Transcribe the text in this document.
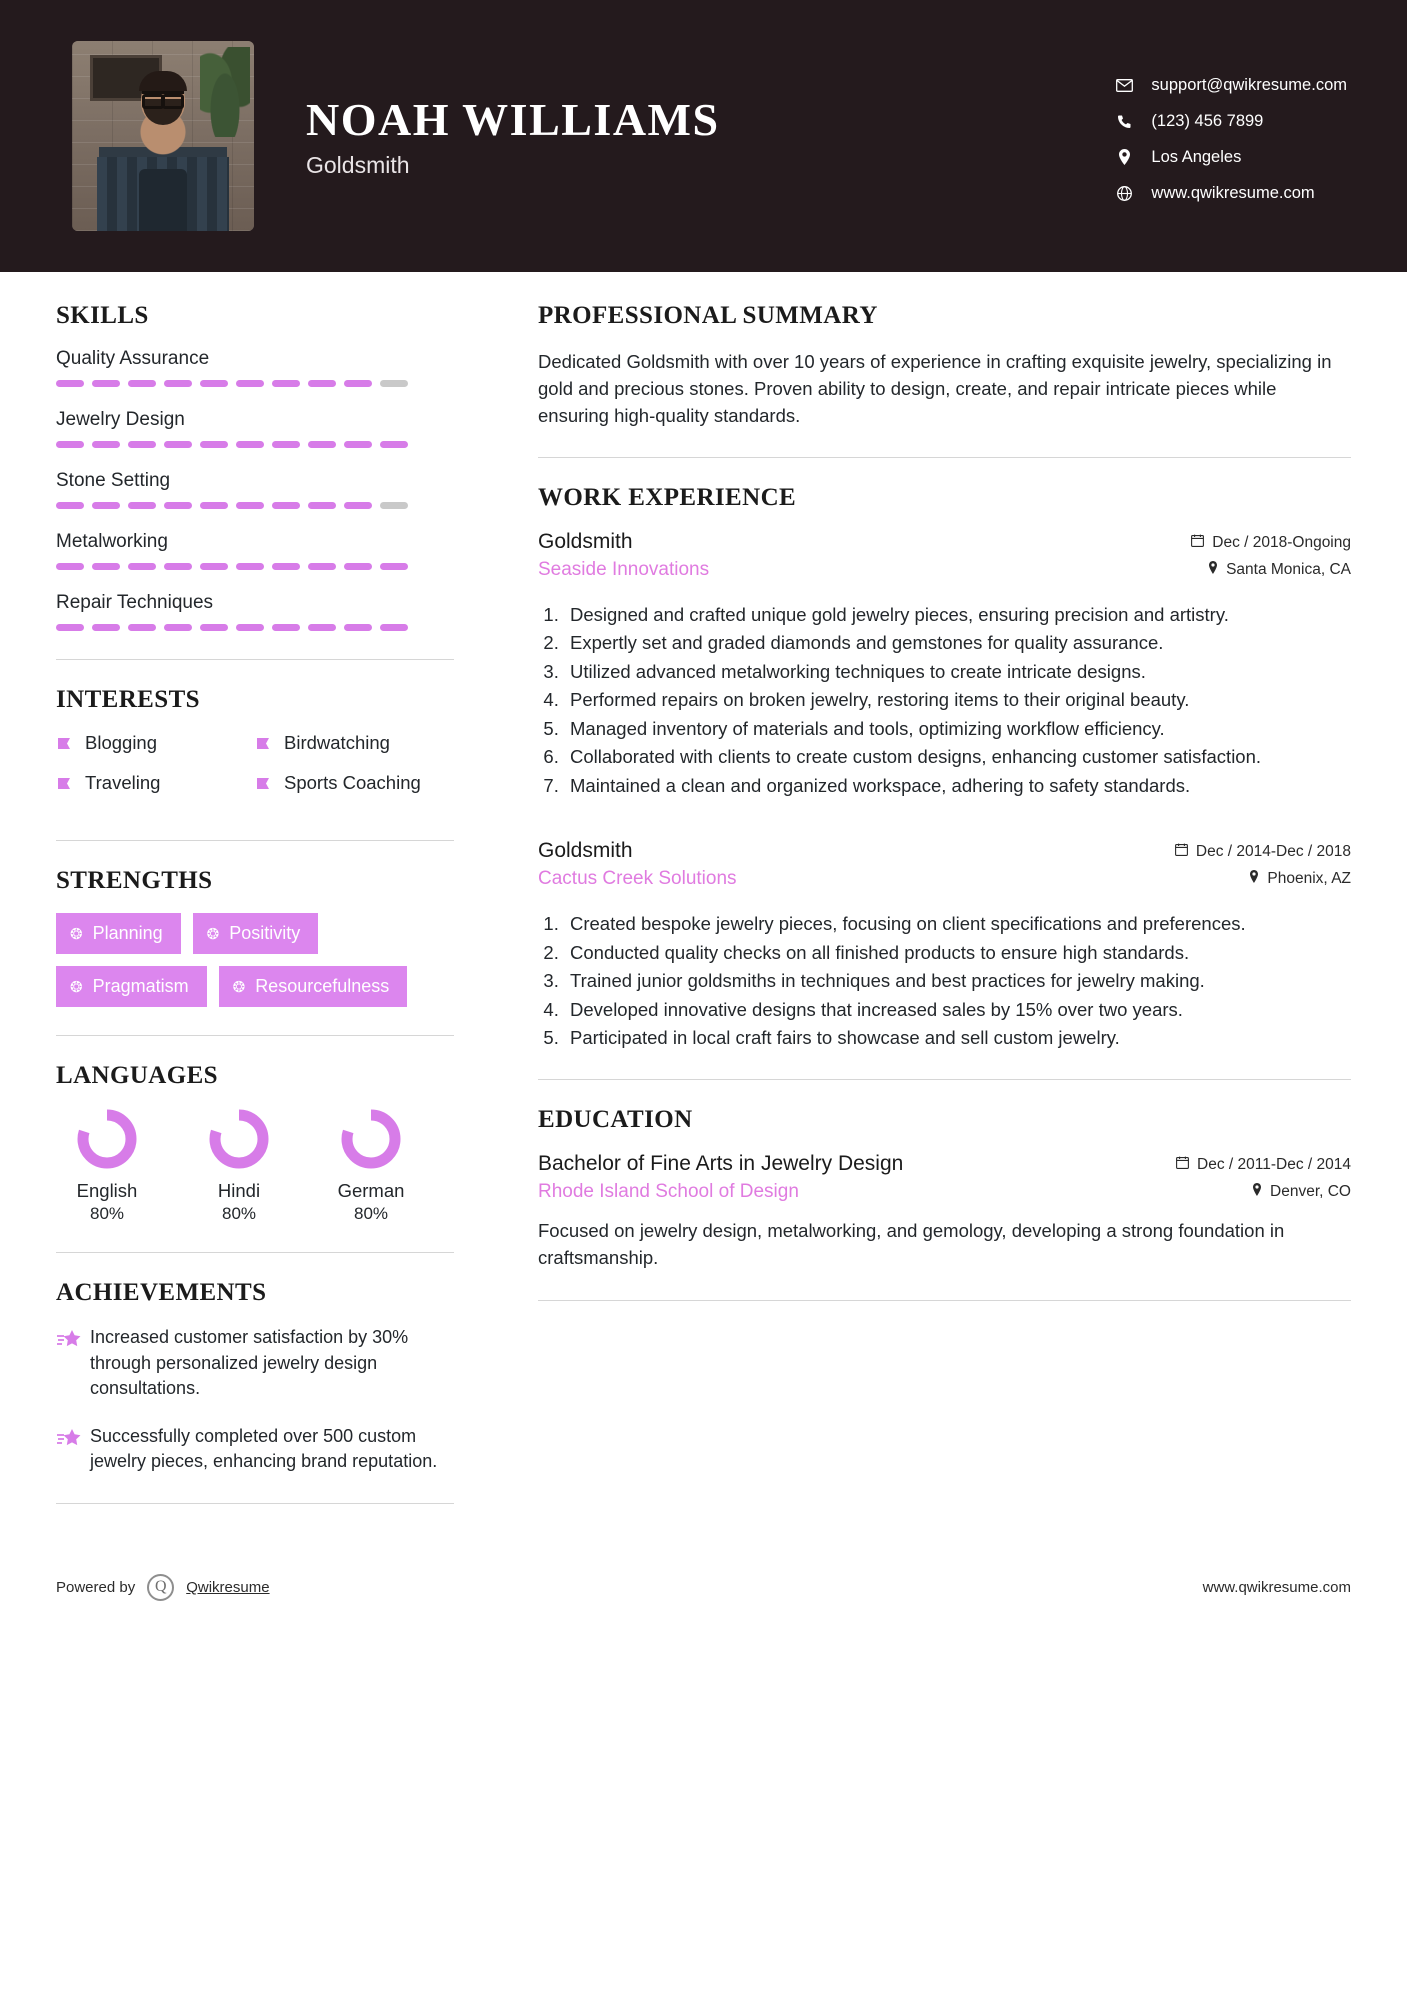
NOAH WILLIAMS
Goldsmith
support@qwikresume.com
(123) 456 7899
Los Angeles
www.qwikresume.com
SKILLS
Quality Assurance
Jewelry Design
Stone Setting
Metalworking
Repair Techniques
INTERESTS
Blogging	Birdwatching
Traveling	Sports Coaching
STRENGTHS
❂ Planning	❂ Positivity
❂ Pragmatism	❂ Resourcefulness
LANGUAGES
English
80%
Hindi
80%
German
80%
ACHIEVEMENTS
Increased customer satisfaction by 30% through personalized jewelry design consultations.
Successfully completed over 500 custom jewelry pieces, enhancing brand reputation.
PROFESSIONAL SUMMARY

Dedicated Goldsmith with over 10 years of experience in crafting exquisite jewelry, specializing in gold and precious stones. Proven ability to design, create, and repair intricate pieces while ensuring high-quality standards.

WORK EXPERIENCE
Goldsmith
Seaside Innovations
Dec / 2018-Ongoing
Santa Monica, CA
1. Designed and crafted unique gold jewelry pieces, ensuring precision and artistry.
2. Expertly set and graded diamonds and gemstones for quality assurance.
3. Utilized advanced metalworking techniques to create intricate designs.
4. Performed repairs on broken jewelry, restoring items to their original beauty.
5. Managed inventory of materials and tools, optimizing workflow efficiency.
6. Collaborated with clients to create custom designs, enhancing customer satisfaction.
7. Maintained a clean and organized workspace, adhering to safety standards.
Goldsmith
Cactus Creek Solutions
Dec / 2014-Dec / 2018
Phoenix, AZ
1. Created bespoke jewelry pieces, focusing on client specifications and preferences.
2. Conducted quality checks on all finished products to ensure high standards.
3. Trained junior goldsmiths in techniques and best practices for jewelry making.
4. Developed innovative designs that increased sales by 15% over two years.
5. Participated in local craft fairs to showcase and sell custom jewelry.
EDUCATION
Bachelor of Fine Arts in Jewelry Design
Rhode Island School of Design
Dec / 2011-Dec / 2014
Denver, CO

Focused on jewelry design, metalworking, and gemology, developing a strong foundation in craftsmanship.

Powered by	Q	Qwikresume	www.qwikresume.com
